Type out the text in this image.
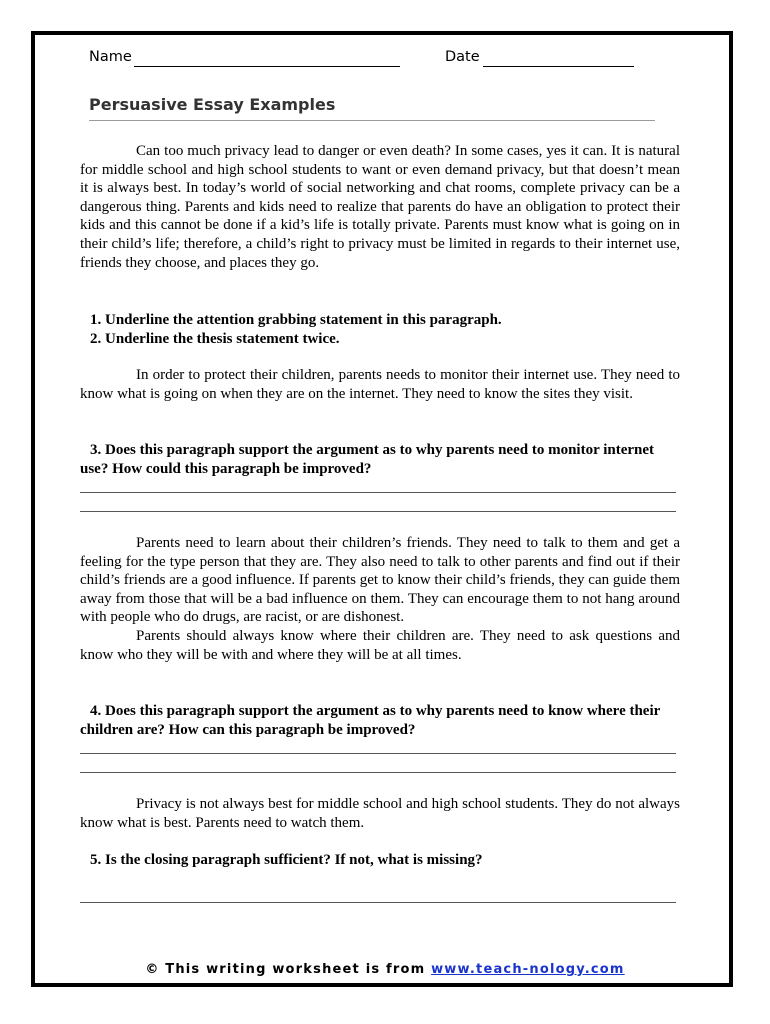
Name	Date
Persuasive Essay Examples

Can too much privacy lead to danger or even death? In some cases, yes it can. It is natural for middle school and high school students to want or even demand privacy, but that doesn’t mean it is always best. In today’s world of social networking and chat rooms, complete privacy can be a dangerous thing. Parents and kids need to realize that parents do have an obligation to protect their kids and this cannot be done if a kid’s life is totally private. Parents must know what is going on in their child’s life; therefore, a child’s right to privacy must be limited in regards to their internet use, friends they choose, and places they go.

1. Underline the attention grabbing statement in this paragraph.
2. Underline the thesis statement twice.

In order to protect their children, parents needs to monitor their internet use. They need to know what is going on when they are on the internet. They need to know the sites they visit.

3. Does this paragraph support the argument as to why parents need to monitor internet use? How could this paragraph be improved?

Parents need to learn about their children’s friends. They need to talk to them and get a feeling for the type person that they are. They also need to talk to other parents and find out if their child’s friends are a good influence. If parents get to know their child’s friends, they can guide them away from those that will be a bad influence on them. They can encourage them to not hang around with people who do drugs, are racist, or are dishonest.

Parents should always know where their children are. They need to ask questions and know who they will be with and where they will be at all times.

4. Does this paragraph support the argument as to why parents need to know where their children are? How can this paragraph be improved?

Privacy is not always best for middle school and high school students. They do not always know what is best. Parents need to watch them.

5. Is the closing paragraph sufficient? If not, what is missing?
© This writing worksheet is from www.teach-nology.com
